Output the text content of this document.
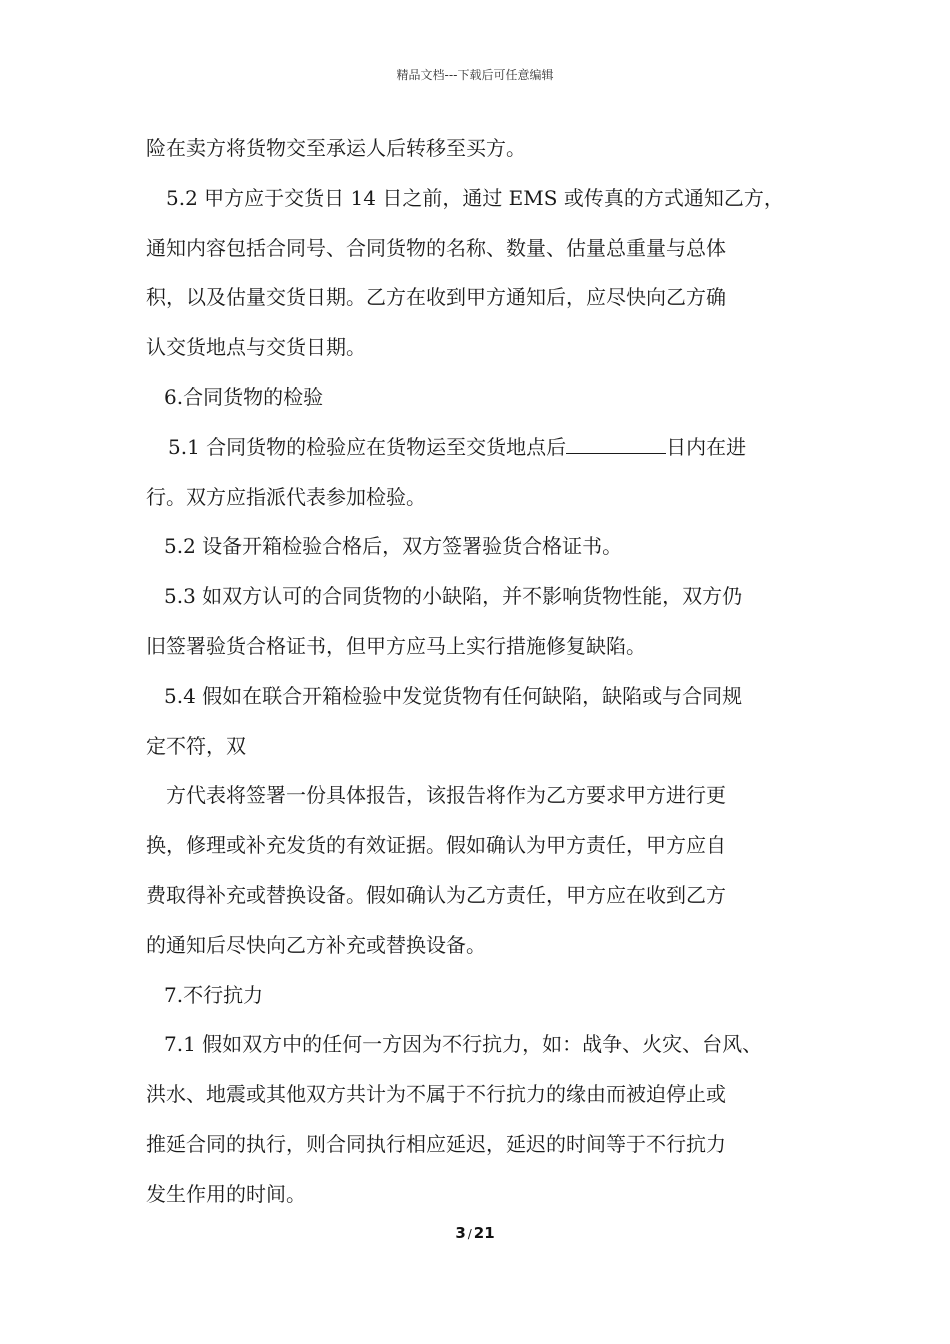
精品文档---下载后可任意编辑
险在卖方将货物交至承运人后转移至买方。
5.2 甲方应于交货日 14 日之前，通过 EMS 或传真的方式通知乙方，
通知内容包括合同号、合同货物的名称、数量、估量总重量与总体
积，以及估量交货日期。乙方在收到甲方通知后，应尽快向乙方确
认交货地点与交货日期。
6.合同货物的检验
5.1 合同货物的检验应在货物运至交货地点后	日内在进
行。双方应指派代表参加检验。
5.2 设备开箱检验合格后，双方签署验货合格证书。
5.3 如双方认可的合同货物的小缺陷，并不影响货物性能，双方仍
旧签署验货合格证书，但甲方应马上实行措施修复缺陷。
5.4 假如在联合开箱检验中发觉货物有任何缺陷，缺陷或与合同规
定不符，双
方代表将签署一份具体报告，该报告将作为乙方要求甲方进行更
换，修理或补充发货的有效证据。假如确认为甲方责任，甲方应自
费取得补充或替换设备。假如确认为乙方责任，甲方应在收到乙方
的通知后尽快向乙方补充或替换设备。
7.不行抗力
7.1 假如双方中的任何一方因为不行抗力，如：战争、火灾、台风、
洪水、地震或其他双方共计为不属于不行抗力的缘由而被迫停止或
推延合同的执行，则合同执行相应延迟，延迟的时间等于不行抗力
发生作用的时间。
3 / 21
